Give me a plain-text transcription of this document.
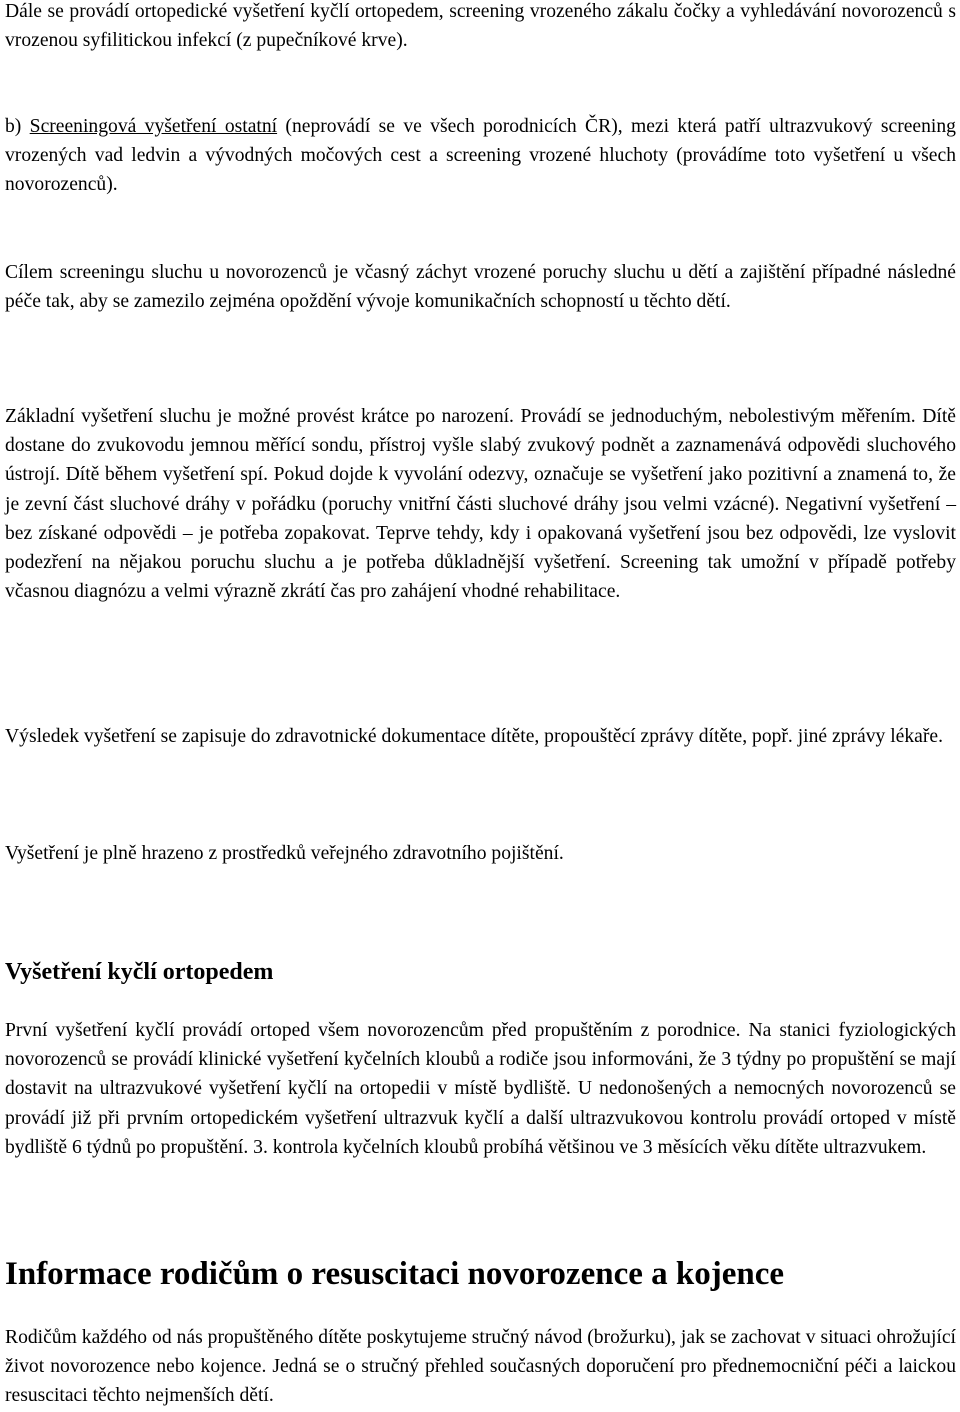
Dále se provádí ortopedické vyšetření kyčlí ortopedem, screening vrozeného zákalu čočky a vyhledávání novorozenců s vrozenou syfilitickou infekcí (z pupečníkové krve).

b) Screeningová vyšetření ostatní (neprovádí se ve všech porodnicích ČR), mezi která patří ultrazvukový screening vrozených vad ledvin a vývodných močových cest a screening vrozené hluchoty (provádíme toto vyšetření u všech novorozenců).

Cílem screeningu sluchu u novorozenců je včasný záchyt vrozené poruchy sluchu u dětí a zajištění případné následné péče tak, aby se zamezilo zejména opoždění vývoje komunikačních schopností u těchto dětí.

Základní vyšetření sluchu je možné provést krátce po narození. Provádí se jednoduchým, nebolestivým měřením. Dítě dostane do zvukovodu jemnou měřící sondu, přístroj vyšle slabý zvukový podnět a zaznamenává odpovědi sluchového ústrojí. Dítě během vyšetření spí. Pokud dojde k vyvolání odezvy, označuje se vyšetření jako pozitivní a znamená to, že je zevní část sluchové dráhy v pořádku (poruchy vnitřní části sluchové dráhy jsou velmi vzácné). Negativní vyšetření – bez získané odpovědi – je potřeba zopakovat. Teprve tehdy, kdy i opakovaná vyšetření jsou bez odpovědi, lze vyslovit podezření na nějakou poruchu sluchu a je potřeba důkladnější vyšetření. Screening tak umožní v případě potřeby včasnou diagnózu a velmi výrazně zkrátí čas pro zahájení vhodné rehabilitace.

Výsledek vyšetření se zapisuje do zdravotnické dokumentace dítěte, propouštěcí zprávy dítěte, popř. jiné zprávy lékaře.

Vyšetření je plně hrazeno z prostředků veřejného zdravotního pojištění.

Vyšetření kyčlí ortopedem

První vyšetření kyčlí provádí ortoped všem novorozencům před propuštěním z porodnice. Na stanici fyziologických novorozenců se provádí klinické vyšetření kyčelních kloubů a rodiče jsou informováni, že 3 týdny po propuštění se mají dostavit na ultrazvukové vyšetření kyčlí na ortopedii v místě bydliště. U nedonošených a nemocných novorozenců se provádí již při prvním ortopedickém vyšetření ultrazvuk kyčlí a další ultrazvukovou kontrolu provádí ortoped v místě bydliště 6 týdnů po propuštění. 3. kontrola kyčelních kloubů probíhá většinou ve 3 měsících věku dítěte ultrazvukem.

Informace rodičům o resuscitaci novorozence a kojence

Rodičům každého od nás propuštěného dítěte poskytujeme stručný návod (brožurku), jak se zachovat v situaci ohrožující život novorozence nebo kojence. Jedná se o stručný přehled současných doporučení pro přednemocniční péči a laickou resuscitaci těchto nejmenších dětí.
